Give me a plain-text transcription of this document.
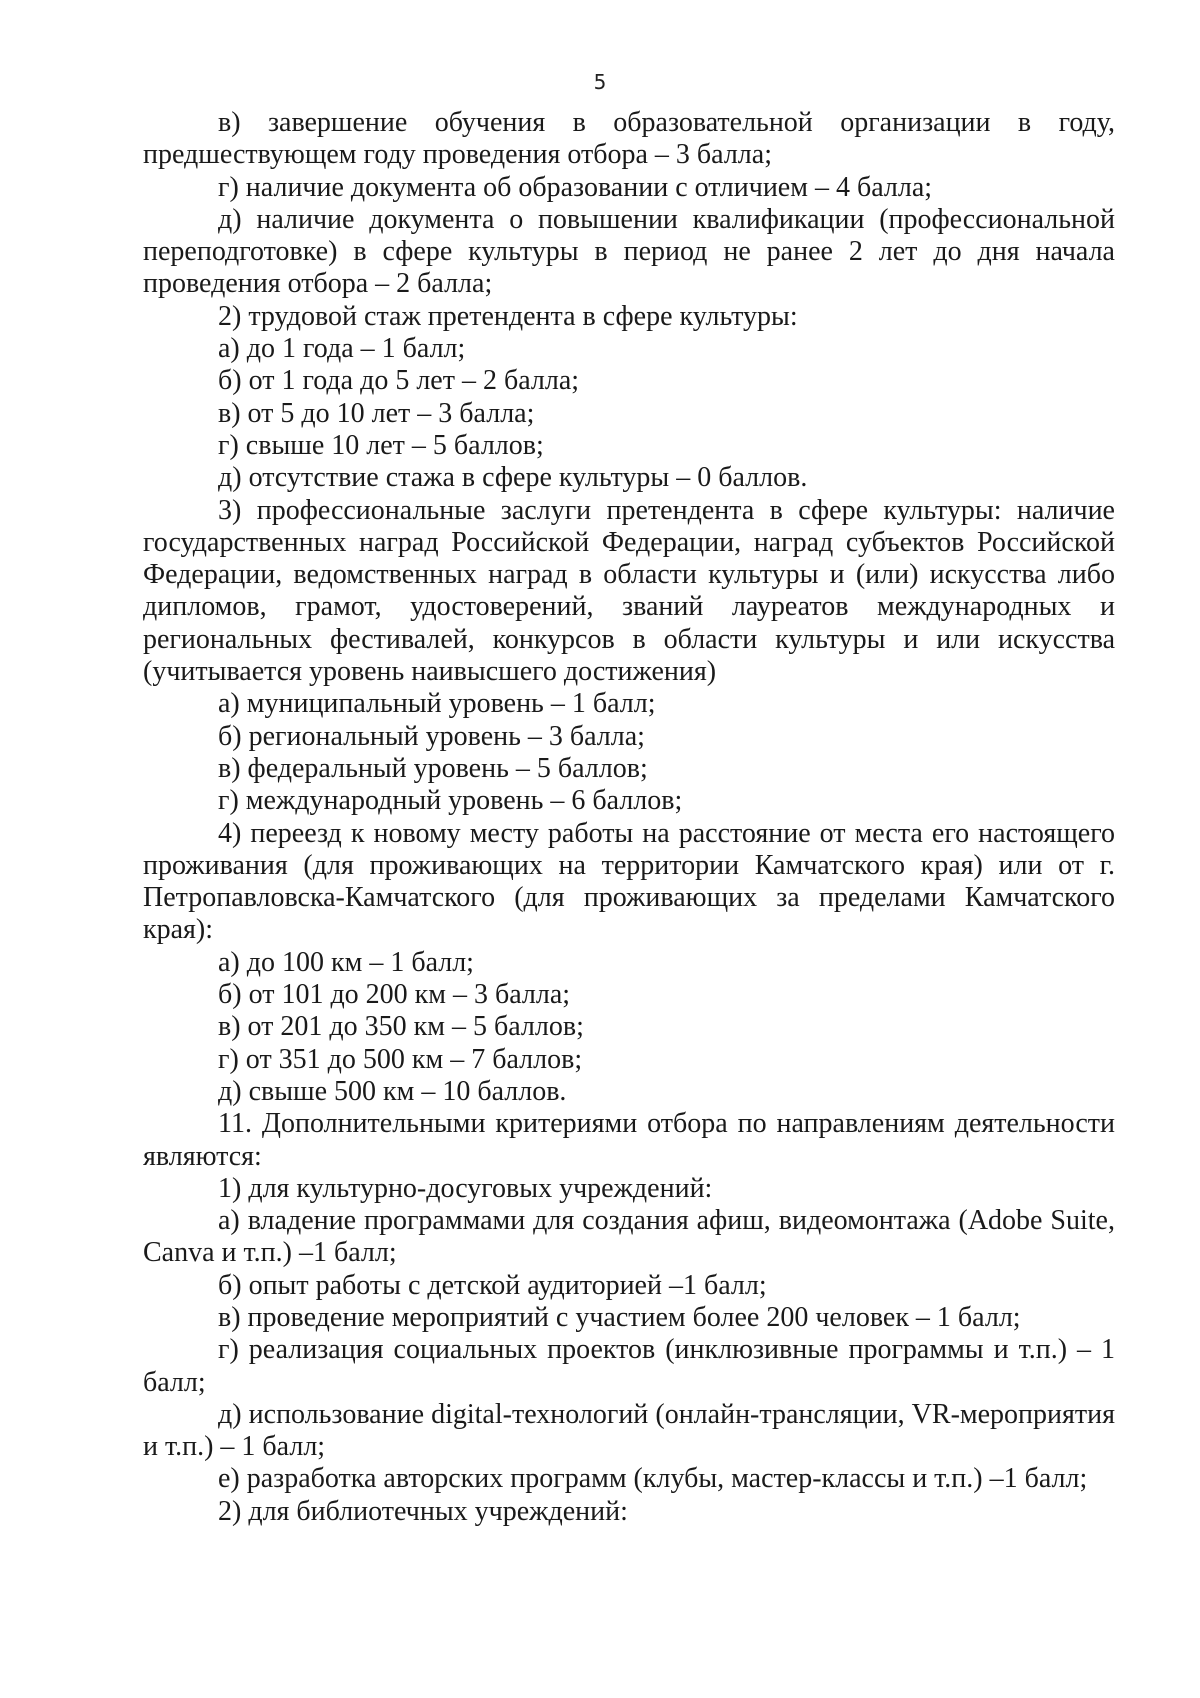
5

в) завершение обучения в образовательной организации в году, предшествующем году проведения отбора – 3 балла;

г) наличие документа об образовании с отличием – 4 балла;

д) наличие документа о повышении квалификации (профессиональной переподготовке) в сфере культуры в период не ранее 2 лет до дня начала проведения отбора – 2 балла;

2) трудовой стаж претендента в сфере культуры:

а) до 1 года – 1 балл;

б) от 1 года до 5 лет – 2 балла;

в) от 5 до 10 лет – 3 балла;

г) свыше 10 лет – 5 баллов;

д) отсутствие стажа в сфере культуры – 0 баллов.

3) профессиональные заслуги претендента в сфере культуры: наличие государственных наград Российской Федерации, наград субъектов Российской Федерации, ведомственных наград в области культуры и (или) искусства либо дипломов, грамот, удостоверений, званий лауреатов международных и региональных фестивалей, конкурсов в области культуры и или искусства (учитывается уровень наивысшего достижения)

а) муниципальный уровень – 1 балл;

б) региональный уровень – 3 балла;

в) федеральный уровень – 5 баллов;

г) международный уровень – 6 баллов;

4) переезд к новому месту работы на расстояние от места его настоящего проживания (для проживающих на территории Камчатского края) или от г. Петропавловска-Камчатского (для проживающих за пределами Камчатского края):

а) до 100 км – 1 балл;

б) от 101 до 200 км – 3 балла;

в) от 201 до 350 км – 5 баллов;

г) от 351 до 500 км – 7 баллов;

д) свыше 500 км – 10 баллов.

11. Дополнительными критериями отбора по направлениям деятельности являются:

1) для культурно-досуговых учреждений:

а) владение программами для создания афиш, видеомонтажа (Adobe Suite, Canva и т.п.) –1 балл;

б) опыт работы с детской аудиторией –1 балл;

в) проведение мероприятий с участием более 200 человек – 1 балл;

г) реализация социальных проектов (инклюзивные программы и т.п.) – 1 балл;

д) использование digital-технологий (онлайн-трансляции, VR-мероприятия и т.п.) – 1 балл;

е) разработка авторских программ (клубы, мастер-классы и т.п.) –1 балл;

2) для библиотечных учреждений:
